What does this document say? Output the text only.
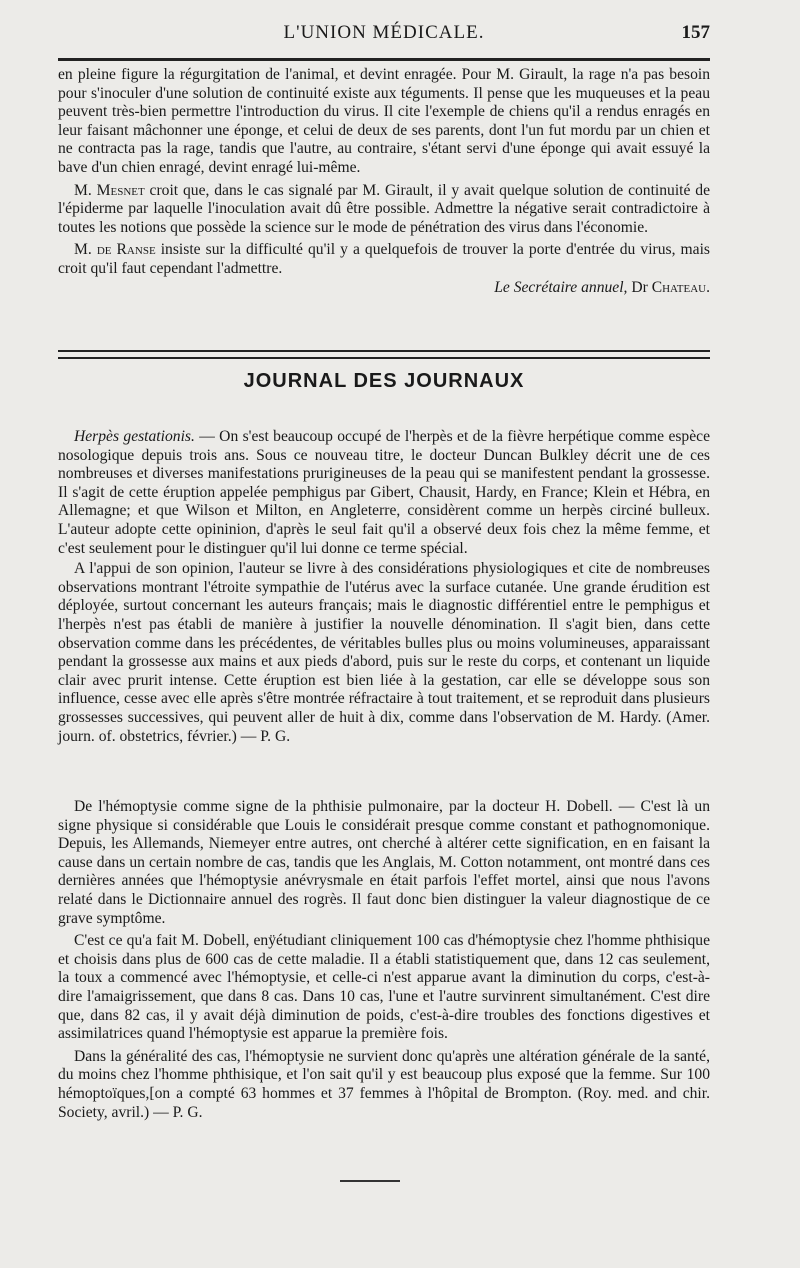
L'UNION MÉDICALE.	157

en pleine figure la régurgitation de l'animal, et devint enragée. Pour M. Girault, la rage n'a pas besoin pour s'inoculer d'une solution de continuité existe aux téguments. Il pense que les muqueuses et la peau peuvent très-bien permettre l'introduction du virus. Il cite l'exemple de chiens qu'il a rendus enragés en leur faisant mâchonner une éponge, et celui de deux de ses parents, dont l'un fut mordu par un chien et ne contracta pas la rage, tandis que l'autre, au contraire, s'étant servi d'une éponge qui avait essuyé la bave d'un chien enragé, devint enragé lui-même.

M. Mesnet croit que, dans le cas signalé par M. Girault, il y avait quelque solution de continuité de l'épiderme par laquelle l'inoculation avait dû être possible. Admettre la négative serait contradictoire à toutes les notions que possède la science sur le mode de pénétration des virus dans l'économie.

M. de Ranse insiste sur la difficulté qu'il y a quelquefois de trouver la porte d'entrée du virus, mais croit qu'il faut cependant l'admettre.

Le Secrétaire annuel, Dr Chateau.

JOURNAL DES JOURNAUX

Herpès gestationis. — On s'est beaucoup occupé de l'herpès et de la fièvre herpétique comme espèce nosologique depuis trois ans. Sous ce nouveau titre, le docteur Duncan Bulkley décrit une de ces nombreuses et diverses manifestations prurigineuses de la peau qui se manifestent pendant la grossesse. Il s'agit de cette éruption appelée pemphigus par Gibert, Chausit, Hardy, en France; Klein et Hébra, en Allemagne; et que Wilson et Milton, en Angleterre, considèrent comme un herpès circiné bulleux. L'auteur adopte cette opininion, d'après le seul fait qu'il a observé deux fois chez la même femme, et c'est seulement pour le distinguer qu'il lui donne ce terme spécial.

A l'appui de son opinion, l'auteur se livre à des considérations physiologiques et cite de nombreuses observations montrant l'étroite sympathie de l'utérus avec la surface cutanée. Une grande érudition est déployée, surtout concernant les auteurs français; mais le diagnostic différentiel entre le pemphigus et l'herpès n'est pas établi de manière à justifier la nouvelle dénomination. Il s'agit bien, dans cette observation comme dans les précédentes, de véritables bulles plus ou moins volumineuses, apparaissant pendant la grossesse aux mains et aux pieds d'abord, puis sur le reste du corps, et contenant un liquide clair avec prurit intense. Cette éruption est bien liée à la gestation, car elle se développe sous son influence, cesse avec elle après s'être montrée réfractaire à tout traitement, et se reproduit dans plusieurs grossesses successives, qui peuvent aller de huit à dix, comme dans l'observation de M. Hardy. (Amer. journ. of. obstetrics, février.) — P. G.

De l'hémoptysie comme signe de la phthisie pulmonaire, par la docteur H. Dobell. — C'est là un signe physique si considérable que Louis le considérait presque comme constant et pathognomonique. Depuis, les Allemands, Niemeyer entre autres, ont cherché à altérer cette signification, en en faisant la cause dans un certain nombre de cas, tandis que les Anglais, M. Cotton notamment, ont montré dans ces dernières années que l'hémoptysie anévrysmale en était parfois l'effet mortel, ainsi que nous l'avons relaté dans le Dictionnaire annuel des rogrès. Il faut donc bien distinguer la valeur diagnostique de ce grave symptôme.

C'est ce qu'a fait M. Dobell, enÿétudiant cliniquement 100 cas d'hémoptysie chez l'homme phthisique et choisis dans plus de 600 cas de cette maladie. Il a établi statistiquement que, dans 12 cas seulement, la toux a commencé avec l'hémoptysie, et celle-ci n'est apparue avant la diminution du corps, c'est-à-dire l'amaigrissement, que dans 8 cas. Dans 10 cas, l'une et l'autre survinrent simultanément. C'est dire que, dans 82 cas, il y avait déjà diminution de poids, c'est-à-dire troubles des fonctions digestives et assimilatrices quand l'hémoptysie est apparue la première fois.

Dans la généralité des cas, l'hémoptysie ne survient donc qu'après une altération générale de la santé, du moins chez l'homme phthisique, et l'on sait qu'il y est beaucoup plus exposé que la femme. Sur 100 hémoptoïques,[on a compté 63 hommes et 37 femmes à l'hôpital de Brompton. (Roy. med. and chir. Society, avril.) — P. G.
